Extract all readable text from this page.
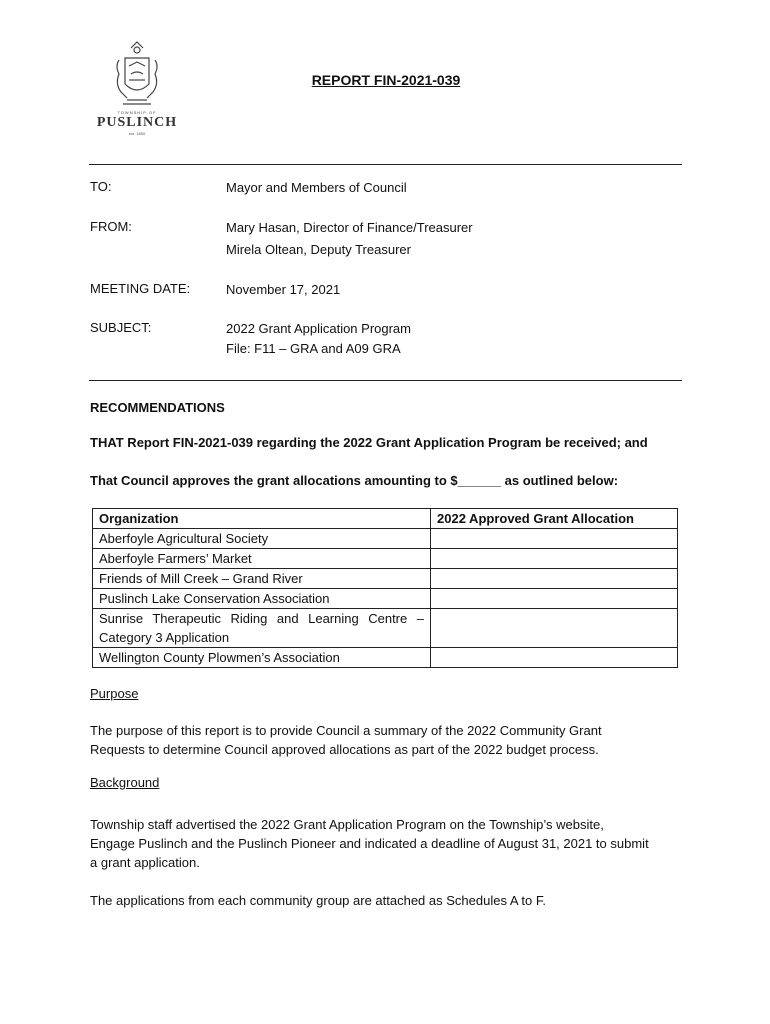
TOWNSHIP OF
PUSLINCH
est. 1850
REPORT FIN-2021-039
TO:	Mayor and Members of Council
FROM:	Mary Hasan, Director of Finance/Treasurer
Mirela Oltean, Deputy Treasurer
MEETING DATE:	November 17, 2021
SUBJECT:	2022 Grant Application Program
File: F11 – GRA and A09 GRA
RECOMMENDATIONS
THAT Report FIN-2021-039 regarding the 2022 Grant Application Program be received; and
That Council approves the grant allocations amounting to $______ as outlined below:
Organization	2022 Approved Grant Allocation
Aberfoyle Agricultural Society	
Aberfoyle Farmers’ Market	
Friends of Mill Creek – Grand River	
Puslinch Lake Conservation Association	

Sunrise Therapeutic Riding and Learning Centre –
Category 3 Application	

Wellington County Plowmen’s Association	
Purpose
The purpose of this report is to provide Council a summary of the 2022 Community Grant
Requests to determine Council approved allocations as part of the 2022 budget process.
Background
Township staff advertised the 2022 Grant Application Program on the Township’s website,
Engage Puslinch and the Puslinch Pioneer and indicated a deadline of August 31, 2021 to submit
a grant application.
The applications from each community group are attached as Schedules A to F.
